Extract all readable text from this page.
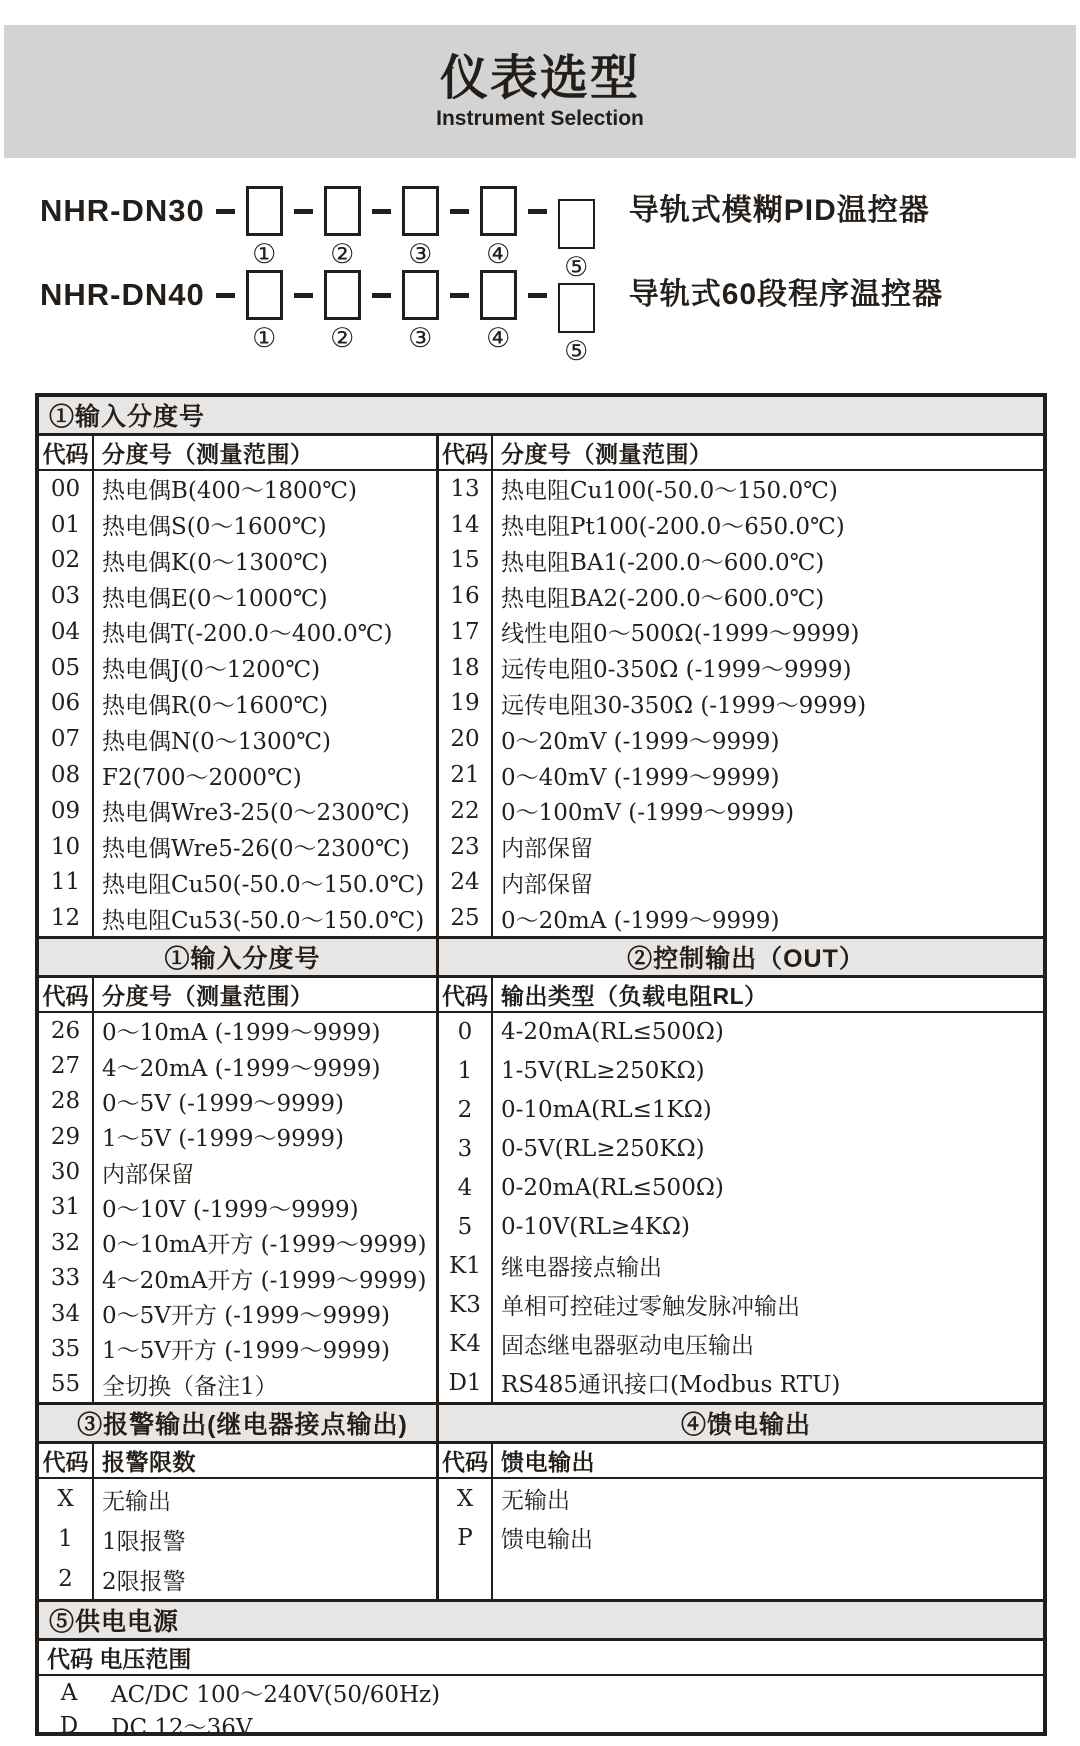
仪表选型
Instrument Selection
NHR-DN30
① ② ③ ④ ⑤
导轨式模糊PID温控器
NHR-DN40
① ② ③ ④ ⑤
导轨式60段程序温控器
①输入分度号
代码 分度号（测量范围）
00 热电偶B(400～1800℃)
01 热电偶S(0～1600℃)
02 热电偶K(0～1300℃)
03 热电偶E(0～1000℃)
04 热电偶T(-200.0～400.0℃)
05 热电偶J(0～1200℃)
06 热电偶R(0～1600℃)
07 热电偶N(0～1300℃)
08 F2(700～2000℃)
09 热电偶Wre3-25(0～2300℃)
10 热电偶Wre5-26(0～2300℃)
11 热电阻Cu50(-50.0～150.0℃)
12 热电阻Cu53(-50.0～150.0℃)
代码 分度号（测量范围）
13 热电阻Cu100(-50.0～150.0℃)
14 热电阻Pt100(-200.0～650.0℃)
15 热电阻BA1(-200.0～600.0℃)
16 热电阻BA2(-200.0～600.0℃)
17 线性电阻0～500Ω(-1999～9999)
18 远传电阻0-350Ω (-1999～9999)
19 远传电阻30-350Ω (-1999～9999)
20 0～20mV (-1999～9999)
21 0～40mV (-1999～9999)
22 0～100mV (-1999～9999)
23 内部保留
24 内部保留
25 0～20mA (-1999～9999)
①输入分度号	②控制输出（OUT）
代码 分度号（测量范围）
26 0～10mA (-1999～9999)
27 4～20mA (-1999～9999)
28 0～5V (-1999～9999)
29 1～5V (-1999～9999)
30 内部保留
31 0～10V (-1999～9999)
32 0～10mA开方 (-1999～9999)
33 4～20mA开方 (-1999～9999)
34 0～5V开方 (-1999～9999)
35 1～5V开方 (-1999～9999)
55 全切换（备注1）
代码 输出类型（负载电阻RL）
0	4-20mA(RL≤500Ω)
1	1-5V(RL≥250KΩ)
2	0-10mA(RL≤1KΩ)
3	0-5V(RL≥250KΩ)
4	0-20mA(RL≤500Ω)
5	0-10V(RL≥4KΩ)
K1 继电器接点输出
K3 单相可控硅过零触发脉冲输出
K4 固态继电器驱动电压输出
D1 RS485通讯接口(Modbus RTU)
③报警输出(继电器接点输出)	④馈电输出
代码 报警限数
X	无输出
1	1限报警
2	2限报警
代码 馈电输出
X	无输出
P	馈电输出
⑤供电电源
代码 电压范围
A	AC/DC 100～240V(50/60Hz)
D	DC 12～36V
